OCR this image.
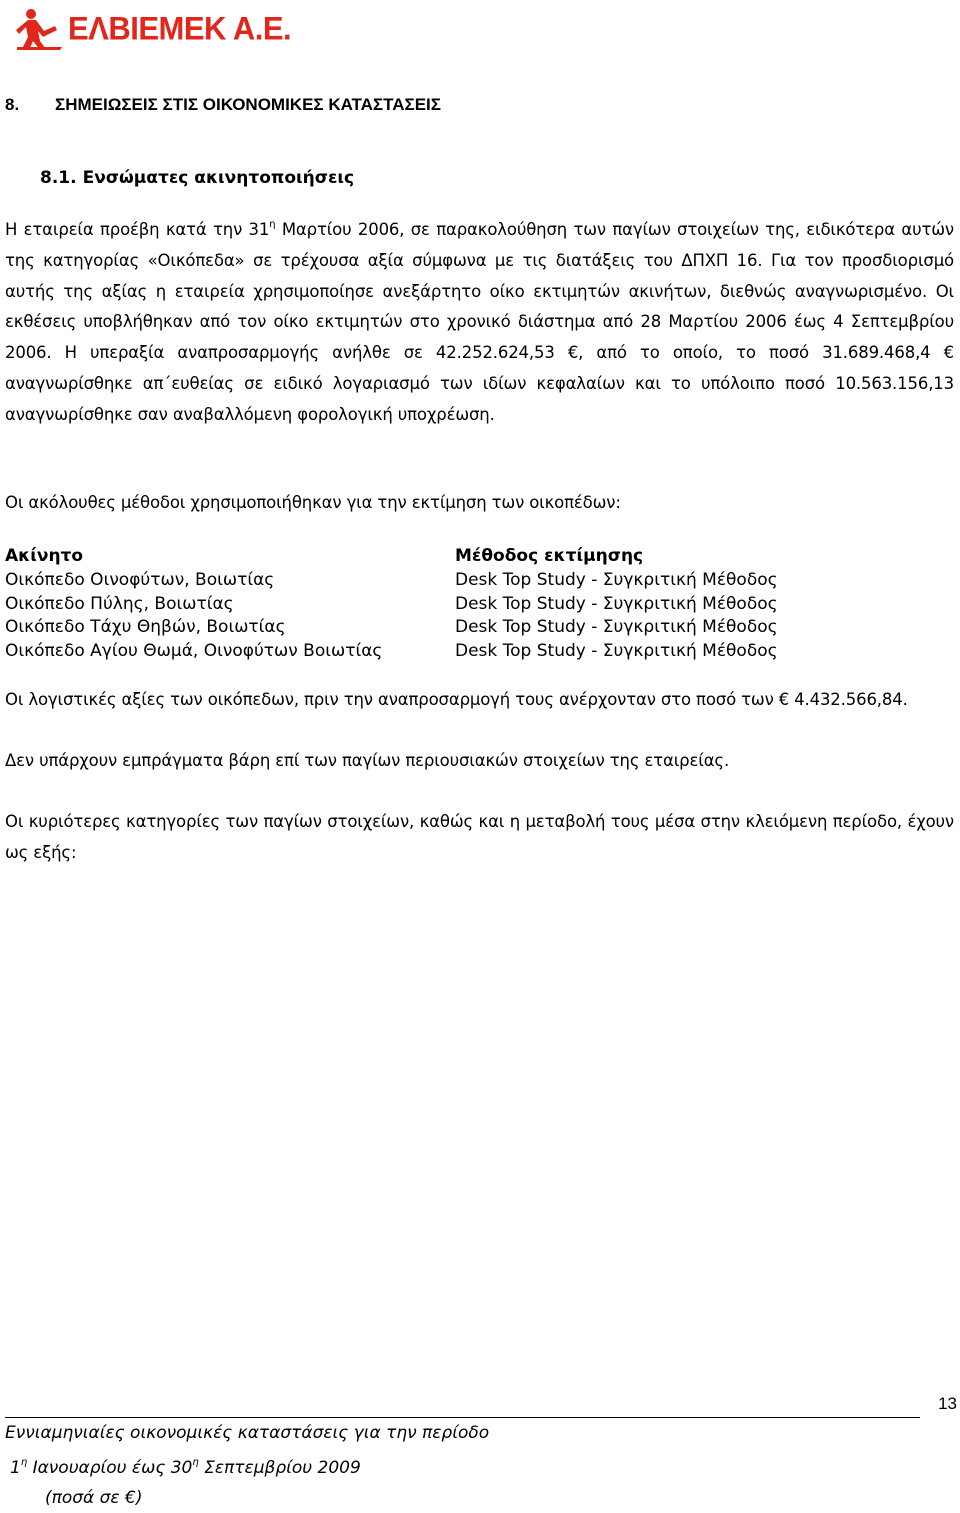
ΕΛΒΙΕΜΕΚ Α.Ε.
8. ΣΗΜΕΙΩΣΕΙΣ ΣΤΙΣ ΟΙΚΟΝΟΜΙΚΕΣ ΚΑΤΑΣΤΑΣΕΙΣ
8.1. Ενσώματες ακινητοποιήσεις
Η εταιρεία προέβη κατά την $31^\eta$ Μαρτίου 2006, σε παρακολούθηση των παγίων στοιχείων της, ειδικότερα αυτών της κατηγορίας «Οικόπεδα» σε τρέχουσα αξία σύμφωνα με τις διατάξεις του ΔΠΧΠ 16. Για τον προσδιορισμό αυτής της αξίας η εταιρεία χρησιμοποίησε ανεξάρτητο οίκο εκτιμητών ακινήτων, διεθνώς αναγνωρισμένο. Οι εκθέσεις υποβλήθηκαν από τον οίκο εκτιμητών στο χρονικό διάστημα από 28 Μαρτίου 2006 έως 4 Σεπτεμβρίου 2006. Η υπεραξία αναπροσαρμογής ανήλθε σε 42.252.624,53 €, από το οποίο, το ποσό 31.689.468,4 € αναγνωρίσθηκε απ΄ευθείας σε ειδικό λογαριασμό των ιδίων κεφαλαίων και το υπόλοιπο ποσό 10.563.156,13 αναγνωρίσθηκε σαν αναβαλλόμενη φορολογική υποχρέωση.
Οι ακόλουθες μέθοδοι χρησιμοποιήθηκαν για την εκτίμηση των οικοπέδων:
Ακίνητο
Οικόπεδο Οινοφύτων, Βοιωτίας
Οικόπεδο Πύλης, Βοιωτίας
Οικόπεδο Τάχυ Θηβών, Βοιωτίας
Οικόπεδο Αγίου Θωμά, Οινοφύτων Βοιωτίας
Μέθοδος εκτίμησης
Desk Top Study - Συγκριτική Μέθοδος
Desk Top Study - Συγκριτική Μέθοδος
Desk Top Study - Συγκριτική Μέθοδος
Desk Top Study - Συγκριτική Μέθοδος
Οι λογιστικές αξίες των οικόπεδων, πριν την αναπροσαρμογή τους ανέρχονταν στο ποσό των € 4.432.566,84.
Δεν υπάρχουν εμπράγματα βάρη επί των παγίων περιουσιακών στοιχείων της εταιρείας.
Οι κυριότερες κατηγορίες των παγίων στοιχείων, καθώς και η μεταβολή τους μέσα στην κλειόμενη περίοδο, έχουν ως εξής:
13
Εννιαμηνιαίες οικονομικές καταστάσεις για την περίοδο
$1^\eta$ Ιανουαρίου έως $30^\eta$ Σεπτεμβρίου 2009
(ποσά σε €)
